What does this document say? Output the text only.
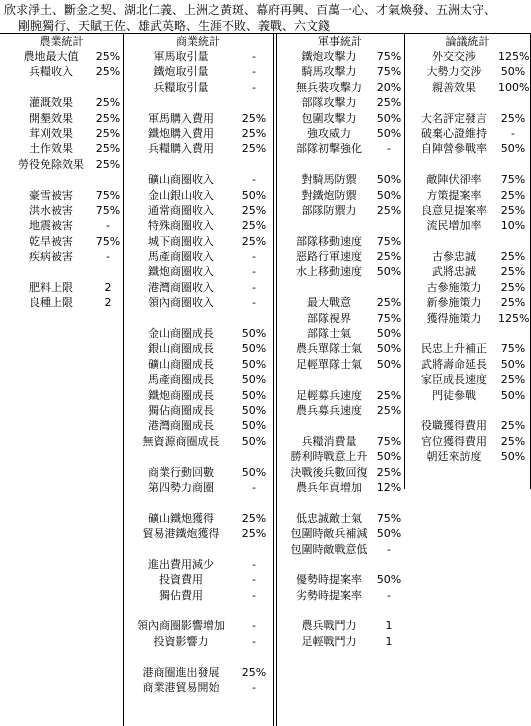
欣求淨土、斷金之契、湖北仁義、上洲之黃斑、幕府再興、百萬一心、才氣煥發、五洲太守、
剛腕獨行、天賦王佐、雄武英略、生涯不敗、義戰、六文錢
農業統計
農地最大值	25%
兵糧收入	25%
灌溉效果	25%
開墾效果	25%
茸刈效果	25%
土作效果	25%
勞役免除效果	25%
豪雪被害	75%
洪水被害	75%
地震被害	-
乾旱被害	75%
疾病被害	-
肥料上限	2
良種上限	2
商業統計
軍馬取引量	-
鐵炮取引量	-
兵糧取引量	-
軍馬購入費用	25%
鐵炮購入費用	25%
兵糧購入費用	25%
礦山商圈收入	-
金山銀山收入	50%
通常商圈收入	25%
特殊商圈收入	25%
城下商圈收入	25%
馬產商圈收入	-
鐵炮商圈收入	-
港灣商圈收入	-
領內商圈收入	-
金山商圈成長	50%
銀山商圈成長	50%
礦山商圈成長	50%
馬產商圈成長	50%
鐵炮商圈成長	50%
獨佔商圈成長	50%
港灣商圈成長	50%
無資源商圈成長	50%
商業行動回數	50%
第四勢力商圈	-
礦山鐵炮獲得	25%
貿易港鐵炮獲得	25%
進出費用減少	-
投資費用	-
獨佔費用	-
領內商圈影響增加	-
投資影響力	-
港商圈進出發展	25%
商業港貿易開始	-
軍事統計
鐵炮攻擊力	75%
騎馬攻擊力	75%
無兵裝攻擊力	20%
部隊攻擊力	25%
包圍攻擊力	50%
強攻威力	50%
部隊初擊強化	-
對騎馬防禦	50%
對鐵炮防禦	50%
部隊防禦力	25%
部隊移動速度	75%
惡路行軍速度	25%
水上移動速度	50%
最大戰意	25%
部隊視界	75%
部隊士氣	50%
農兵單隊士氣	50%
足輕單隊士氣	50%
足輕募兵速度	25%
農兵募兵速度	25%
兵糧消費量	75%
勝利時戰意上升 50%
決戰後兵數回復 25%
農兵年貢增加	12%
低忠誠敵士氣	75%
包圍時敵兵補減 50%
包圍時敵戰意低	-
優勢時提案率	50%
劣勢時提案率	-
農兵戰鬥力	1
足輕戰鬥力	1
論議統計
外交交涉	125%
大勢力交涉	50%
親善效果	100%
大名評定發言	25%
破棄心證維持	-
自陣營參戰率	50%
敵陣伏卻率	75%
方策提案率	25%
良意見提案率	25%
流民增加率	10%
古參忠誠	25%
武將忠誠	25%
古參施策力	25%
新參施策力	25%
獲得施策力	125%
民忠上升補正	75%
武將壽命延長	50%
家臣成長速度	25%
門徒參戰	50%
役職獲得費用	25%
官位獲得費用	25%
朝廷來訪度	50%
